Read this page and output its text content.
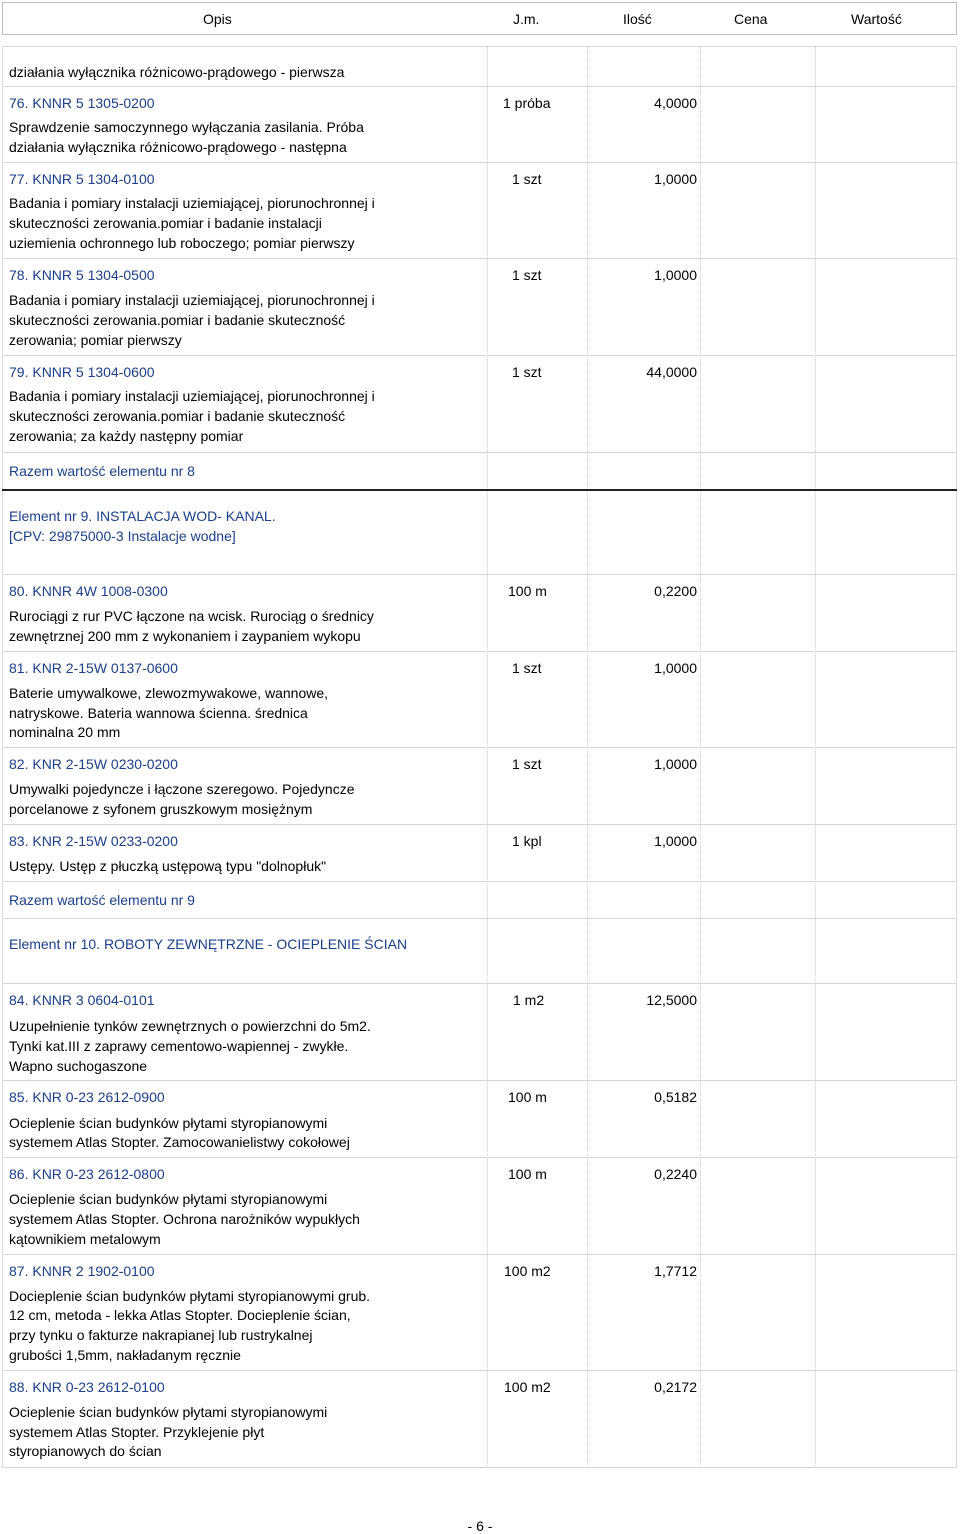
Opis	J.m.	Ilość	Cena	Wartość
działania wyłącznika różnicowo-prądowego - pierwsza
76. KNNR 5 1305-0200	1 próba	4,0000
Sprawdzenie samoczynnego wyłączania zasilania. Próba
działania wyłącznika różnicowo-prądowego - następna
77. KNNR 5 1304-0100	1 szt	1,0000
Badania i pomiary instalacji uziemiającej, piorunochronnej i
skuteczności zerowania.pomiar i badanie instalacji
uziemienia ochronnego lub roboczego; pomiar pierwszy
78. KNNR 5 1304-0500	1 szt	1,0000
Badania i pomiary instalacji uziemiającej, piorunochronnej i
skuteczności zerowania.pomiar i badanie skuteczność
zerowania; pomiar pierwszy
79. KNNR 5 1304-0600	1 szt	44,0000
Badania i pomiary instalacji uziemiającej, piorunochronnej i
skuteczności zerowania.pomiar i badanie skuteczność
zerowania; za każdy następny pomiar
Razem wartość elementu nr 8
Element nr 9. INSTALACJA WOD- KANAL.
[CPV: 29875000-3 Instalacje wodne]
80. KNNR 4W 1008-0300	100 m	0,2200
Rurociągi z rur PVC łączone na wcisk. Rurociąg o średnicy
zewnętrznej 200 mm z wykonaniem i zaypaniem wykopu
81. KNR 2-15W 0137-0600	1 szt	1,0000
Baterie umywalkowe, zlewozmywakowe, wannowe,
natryskowe. Bateria wannowa ścienna. średnica
nominalna 20 mm
82. KNR 2-15W 0230-0200	1 szt	1,0000
Umywalki pojedyncze i łączone szeregowo. Pojedyncze
porcelanowe z syfonem gruszkowym mosiężnym
83. KNR 2-15W 0233-0200	1 kpl	1,0000
Ustępy. Ustęp z płuczką ustępową typu "dolnopłuk"
Razem wartość elementu nr 9
Element nr 10. ROBOTY ZEWNĘTRZNE - OCIEPLENIE ŚCIAN
84. KNNR 3 0604-0101	1 m2	12,5000
Uzupełnienie tynków zewnętrznych o powierzchni do 5m2.
Tynki kat.III z zaprawy cementowo-wapiennej - zwykłe.
Wapno suchogaszone
85. KNR 0-23 2612-0900	100 m	0,5182
Ocieplenie ścian budynków płytami styropianowymi
systemem Atlas Stopter. Zamocowanielistwy cokołowej
86. KNR 0-23 2612-0800	100 m	0,2240
Ocieplenie ścian budynków płytami styropianowymi
systemem Atlas Stopter. Ochrona narożników wypukłych
kątownikiem metalowym
87. KNNR 2 1902-0100	100 m2	1,7712
Docieplenie ścian budynków płytami styropianowymi grub.
12 cm, metoda - lekka Atlas Stopter. Docieplenie ścian,
przy tynku o fakturze nakrapianej lub rustrykalnej
grubości 1,5mm, nakładanym ręcznie
88. KNR 0-23 2612-0100	100 m2	0,2172
Ocieplenie ścian budynków płytami styropianowymi
systemem Atlas Stopter. Przyklejenie płyt
styropianowych do ścian
- 6 -
